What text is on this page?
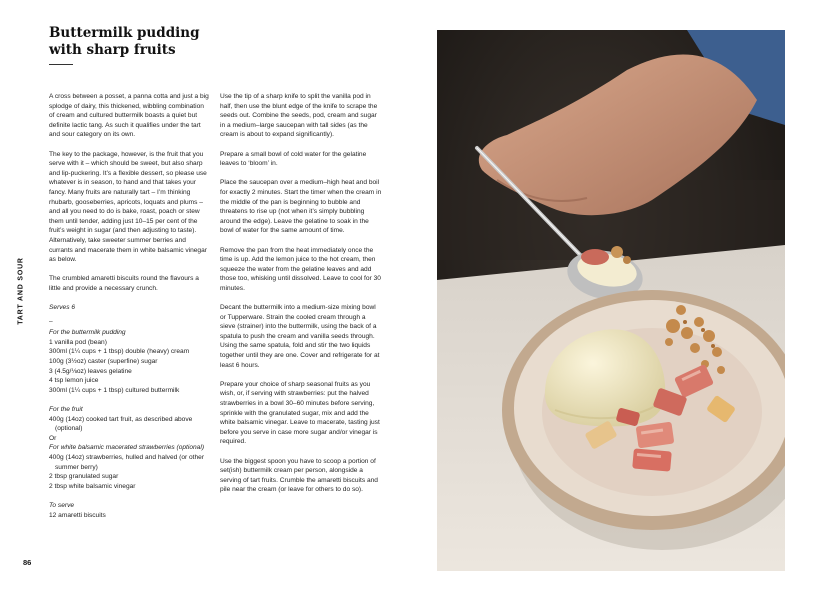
Buttermilk pudding with sharp fruits
TART AND SOUR
86

A cross between a posset, a panna cotta and just a big splodge of dairy, this thickened, wibbling combination of cream and cultured buttermilk boasts a quiet but definite lactic tang. As such it qualifies under the tart and sour category on its own.

The key to the package, however, is the fruit that you serve with it – which should be sweet, but also sharp and lip-puckering. It’s a flexible dessert, so please use whatever is in season, to hand and that takes your fancy. Many fruits are naturally tart – I’m thinking rhubarb, gooseberries, apricots, loquats and plums – and all you need to do is bake, roast, poach or stew them until tender, adding just 10–15 per cent of the fruit’s weight in sugar (and then adjusting to taste). Alternatively, take sweeter summer berries and currants and macerate them in white balsamic vinegar as below.

The crumbled amaretti biscuits round the flavours a little and provide a necessary crunch.

Serves 6

–

For the buttermilk pudding
1 vanilla pod (bean)
300ml (1¼ cups + 1 tbsp) double (heavy) cream
100g (3½oz) caster (superfine) sugar
3 (4.5g/⅛oz) leaves gelatine
4 tsp lemon juice
300ml (1¼ cups + 1 tbsp) cultured buttermilk
For the fruit
400g (14oz) cooked tart fruit, as described above (optional)
Or
For white balsamic macerated strawberries (optional)
400g (14oz) strawberries, hulled and halved (or other summer berry)
2 tbsp granulated sugar
2 tbsp white balsamic vinegar
To serve
12 amaretti biscuits

Use the tip of a sharp knife to split the vanilla pod in half, then use the blunt edge of the knife to scrape the seeds out. Combine the seeds, pod, cream and sugar in a medium–large saucepan with tall sides (as the cream is about to expand significantly).

Prepare a small bowl of cold water for the gelatine leaves to ‘bloom’ in.

Place the saucepan over a medium–high heat and boil for exactly 2 minutes. Start the timer when the cream in the middle of the pan is beginning to bubble and threatens to rise up (not when it’s simply bubbling around the edge). Leave the gelatine to soak in the bowl of water for the same amount of time.

Remove the pan from the heat immediately once the time is up. Add the lemon juice to the hot cream, then squeeze the water from the gelatine leaves and add those too, whisking until dissolved. Leave to cool for 30 minutes.

Decant the buttermilk into a medium-size mixing bowl or Tupperware. Strain the cooled cream through a sieve (strainer) into the buttermilk, using the back of a spatula to push the cream and vanilla seeds through. Using the same spatula, fold and stir the two liquids together until they are one. Cover and refrigerate for at least 6 hours.

Prepare your choice of sharp seasonal fruits as you wish, or, if serving with strawberries: put the halved strawberries in a bowl 30–60 minutes before serving, sprinkle with the granulated sugar, mix and add the white balsamic vinegar. Leave to macerate, tasting just before you serve in case more sugar and/or vinegar is required.

Use the biggest spoon you have to scoop a portion of set(ish) buttermilk cream per person, alongside a serving of tart fruits. Crumble the amaretti biscuits and pile near the cream (or leave for others to do so).
